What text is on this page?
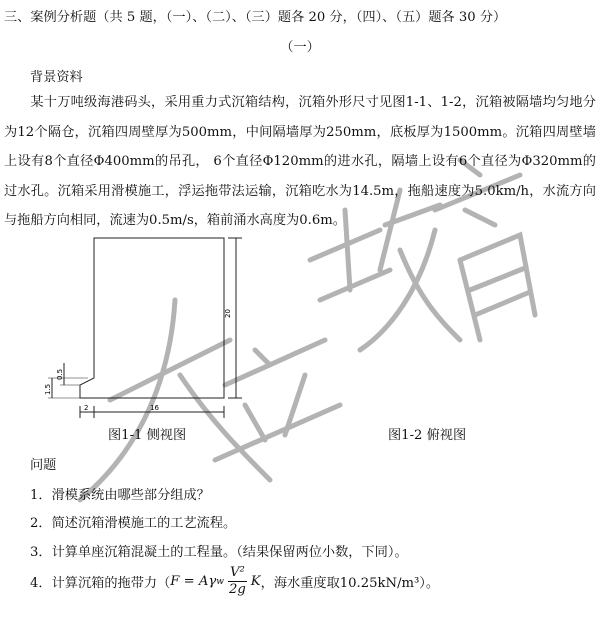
三、案例分析题（共 5 题，（一）、（二）、（三）题各 20 分，（四）、（五）题各 30 分）
（一）
背景资料
某十万吨级海港码头，采用重力式沉箱结构，沉箱外形尺寸见图1-1、1-2，沉箱被隔墙均匀地分为12个隔仓，沉箱四周壁厚为500mm，中间隔墙厚为250mm，底板厚为1500mm。沉箱四周壁墙上设有8个直径Φ400mm的吊孔， 6个直径Φ120mm的进水孔，隔墙上设有6个直径为Φ320mm的过水孔。沉箱采用滑模施工，浮运拖带法运输，沉箱吃水为14.5m，拖船速度为5.0km/h，水流方向与拖船方向相同，流速为0.5m/s，箱前涌水高度为0.6m。
20
0.5
1.5
2	16
图1-1 侧视图	图1-2 俯视图
问题
1．滑模系统由哪些部分组成？
2．简述沉箱滑模施工的工艺流程。
3．计算单座沉箱混凝土的工程量。（结果保留两位小数，下同）。
4．计算沉箱的拖带力（ F = Aγ w $\frac{\text{V²}}{2g}$ K ，海水重度取10.25kN/m³）。
